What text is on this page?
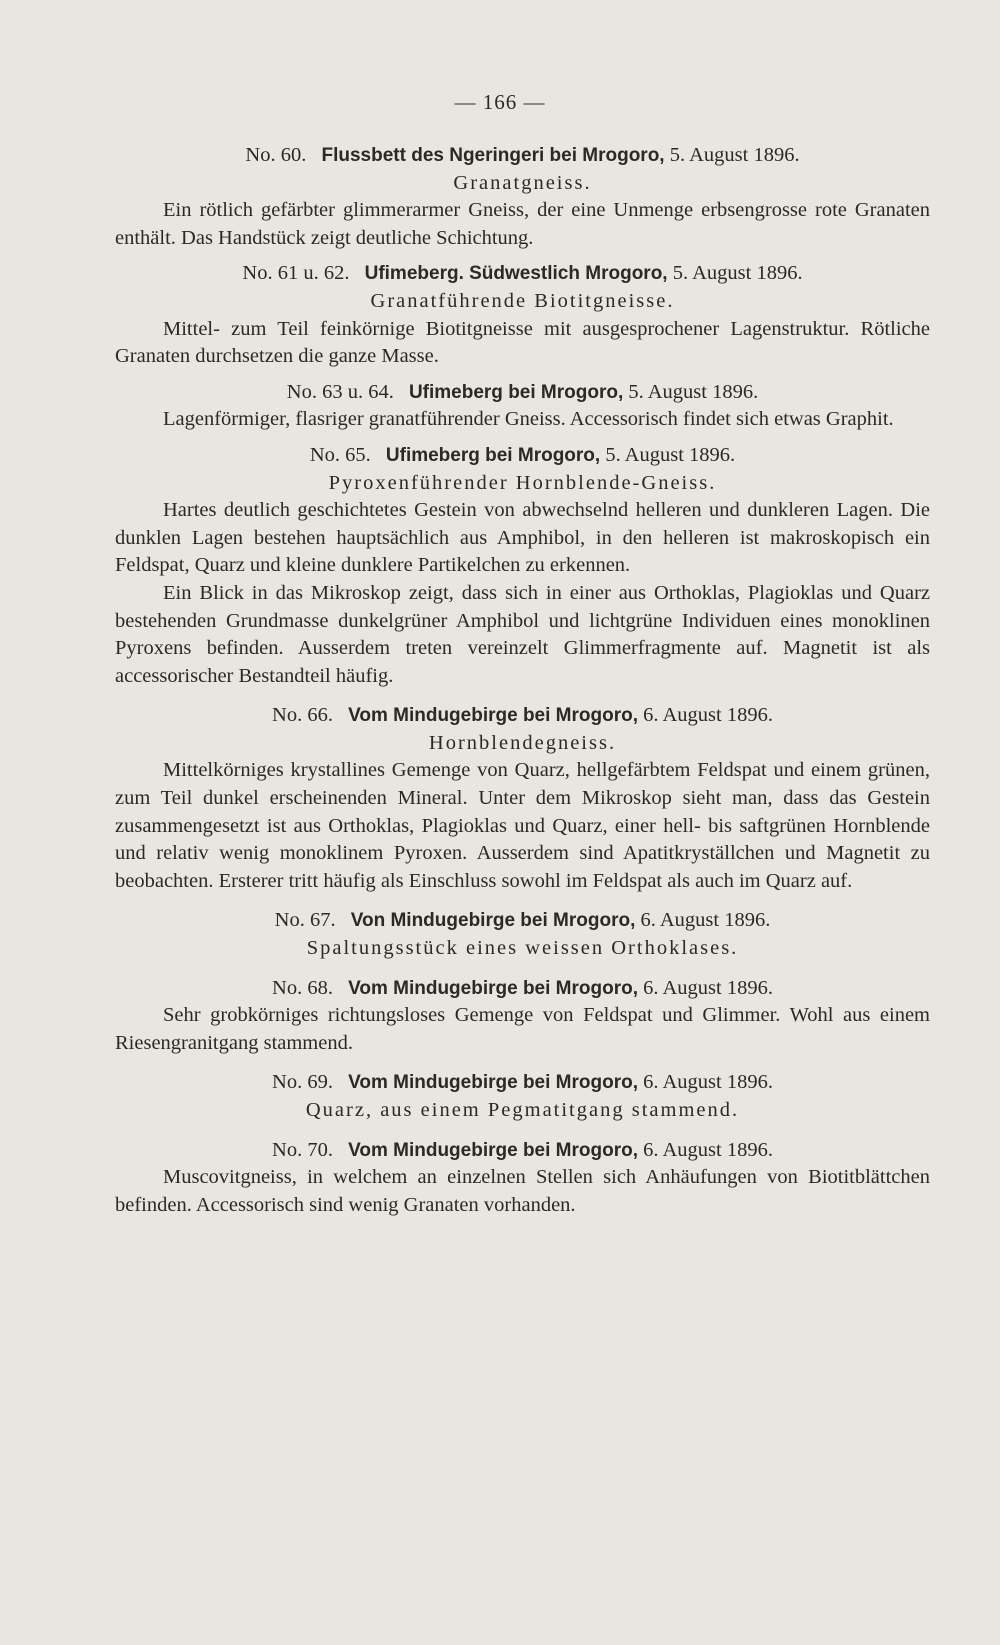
— 166 —

No. 60. Flussbett des Ngeringeri bei Mrogoro, 5. August 1896.

Granatgneiss.

Ein rötlich gefärbter glimmerarmer Gneiss, der eine Unmenge erbsengrosse rote Granaten enthält. Das Handstück zeigt deutliche Schichtung.

No. 61 u. 62. Ufimeberg. Südwestlich Mrogoro, 5. August 1896.

Granatführende Biotitgneisse.

Mittel- zum Teil feinkörnige Biotitgneisse mit ausgesprochener Lagenstruktur. Rötliche Granaten durchsetzen die ganze Masse.

No. 63 u. 64. Ufimeberg bei Mrogoro, 5. August 1896.

Lagenförmiger, flasriger granatführender Gneiss. Accessorisch findet sich etwas Graphit.

No. 65. Ufimeberg bei Mrogoro, 5. August 1896.

Pyroxenführender Hornblende-Gneiss.

Hartes deutlich geschichtetes Gestein von abwechselnd helleren und dunkleren Lagen. Die dunklen Lagen bestehen hauptsächlich aus Amphibol, in den helleren ist makroskopisch ein Feldspat, Quarz und kleine dunklere Partikelchen zu erkennen.

Ein Blick in das Mikroskop zeigt, dass sich in einer aus Orthoklas, Plagioklas und Quarz bestehenden Grundmasse dunkelgrüner Amphibol und lichtgrüne Individuen eines monoklinen Pyroxens befinden. Ausserdem treten vereinzelt Glimmerfragmente auf. Magnetit ist als accessorischer Bestandteil häufig.

No. 66. Vom Mindugebirge bei Mrogoro, 6. August 1896.

Hornblendegneiss.

Mittelkörniges krystallines Gemenge von Quarz, hellgefärbtem Feldspat und einem grünen, zum Teil dunkel erscheinenden Mineral. Unter dem Mikroskop sieht man, dass das Gestein zusammengesetzt ist aus Orthoklas, Plagioklas und Quarz, einer hell- bis saftgrünen Hornblende und relativ wenig monoklinem Pyroxen. Ausserdem sind Apatitkryställchen und Magnetit zu beobachten. Ersterer tritt häufig als Einschluss sowohl im Feldspat als auch im Quarz auf.

No. 67. Von Mindugebirge bei Mrogoro, 6. August 1896.

Spaltungsstück eines weissen Orthoklases.

No. 68. Vom Mindugebirge bei Mrogoro, 6. August 1896.

Sehr grobkörniges richtungsloses Gemenge von Feldspat und Glimmer. Wohl aus einem Riesengranitgang stammend.

No. 69. Vom Mindugebirge bei Mrogoro, 6. August 1896.

Quarz, aus einem Pegmatitgang stammend.

No. 70. Vom Mindugebirge bei Mrogoro, 6. August 1896.

Muscovitgneiss, in welchem an einzelnen Stellen sich Anhäufungen von Biotitblättchen befinden. Accessorisch sind wenig Granaten vorhanden.
